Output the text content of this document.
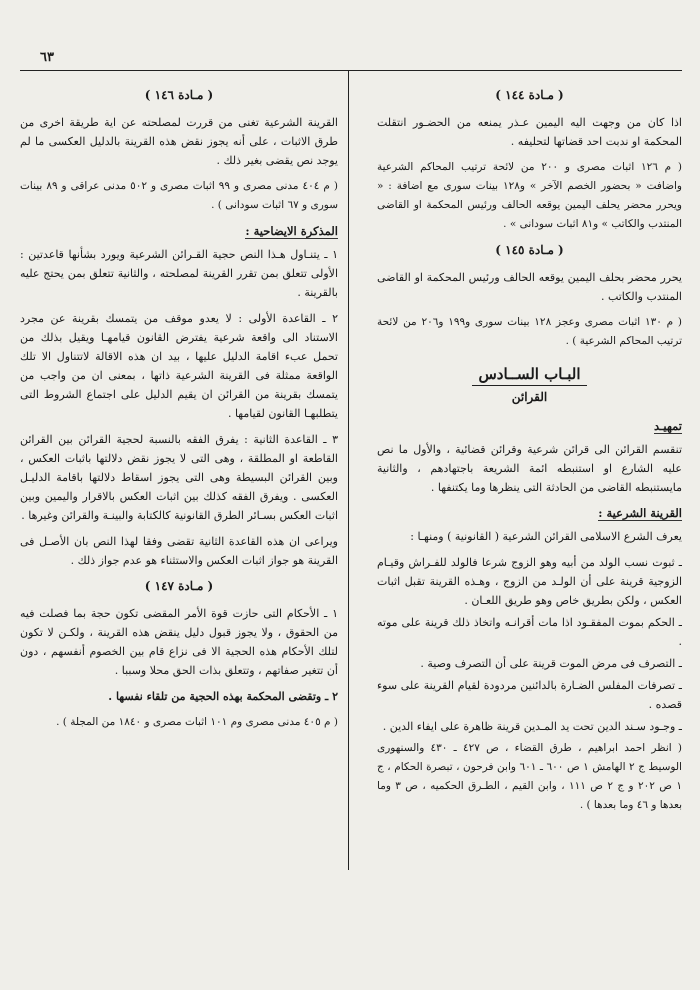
٦٣
( مـادة ١٤٤ )

اذا كان من وجهت اليه اليمين عـذر يمنعه من الحضـور انتقلت المحكمة او ندبت احد قضاتها لتحليفه .

( م ١٢٦ اثبات مصرى و ٢٠٠ من لائحة ترتيب المحاكم الشرعية واضافت « بحضور الخصم الآخر » و١٢٨ بينات سورى مع اضافة : « ويحرر محضر يحلف اليمين يوقعه الحالف ورئيس المحكمة او القاضى المنتدب والكاتب » و٨١ اثبات سودانى » .

( مـادة ١٤٥ )

يحرر محضر بحلف اليمين يوقعه الحالف ورئيس المحكمة او القاضى المنتدب والكاتب .

( م ١٣٠ اثبات مصرى وعجز ١٢٨ بينات سورى و١٩٩ و٢٠٦ من لائحة ترتيب المحاكم الشرعية ) .

البـاب الســادس
القرائن
تمهيـد

تنقسم القرائن الى قرائن شرعية وقرائن قضائية ، والأول ما نص عليه الشارع او استنبطه ائمة الشريعة باجتهادهم ، والثانية مايستنبطه القاضى من الحادثة التى ينظرها وما يكتنفها .

القرينة الشرعية :

يعرف الشرع الاسلامى القرائن الشرعية ( القانونية ) ومنهـا :

ـ ثبوت نسب الولد من أبيه وهو الزوج شرعا فالولد للفـراش وقيـام الزوجية قرينة على أن الولـد من الزوج ، وهـذه القرينة تقبل اثبات العكس ، ولكن بطريق خاص وهو طريق اللعـان .

ـ الحكم بموت المفقـود اذا مات أقرانـه واتخاذ ذلك قرينة على موته .

ـ التصرف فى مرض الموت قرينة على أن التصرف وصية .

ـ تصرفات المفلس الضـارة بالدائنين مردودة لقيام القرينة على سوء قصده .

ـ وجـود سـند الدين تحت يد المـدين قرينة ظاهرة على ايفاء الدين .

( انظر احمد ابراهيم ، طرق القضاء ، ص ٤٢٧ ـ ٤٣٠ والسنهورى الوسيط ج ٢ الهامش ١ ص ٦٠٠ ـ ٦٠١ وابن فرحون ، تبصرة الحكام ، ج ١ ص ٢٠٢ و ج ٢ ص ١١١ ، وابن القيم ، الطـرق الحكميه ، ص ٣ وما بعدها و ٤٦ وما بعدها ) .

( مـادة ١٤٦ )

القرينة الشرعية تغنى من قررت لمصلحته عن اية طريقة اخرى من طرق الاثبات ، على أنه يجوز نقض هذه القرينة بالدليل العكسى ما لم يوجد نص يقضى بغير ذلك .

( م ٤٠٤ مدنى مصرى و ٩٩ اثبات مصرى و ٥٠٢ مدنى عراقى و ٨٩ بينات سورى و ٦٧ اثبات سودانى ) .

المذكرة الايضاحية :

١ ـ يتنـاول هـذا النص حجية القـرائن الشرعية ويورد بشأنها قاعدتين : الأولى تتعلق بمن تقرر القرينة لمصلحته ، والثانية تتعلق بمن يحتج عليه بالقرينة .

٢ ـ القاعدة الأولى : لا يعدو موقف من يتمسك بقرينة عن مجرد الاستناد الى واقعة شرعية يفترض القانون قيامهـا ويقيل بذلك من تحمل عبء اقامة الدليل عليها ، بيد ان هذه الاقالة لاتتناول الا تلك الواقعة ممثلة فى القرينة الشرعية ذاتها ، بمعنى ان من واجب من يتمسك بقرينة من القرائن ان يقيم الدليل على اجتماع الشروط التى يتطلبهـا القانون لقيامها .

٣ ـ القاعدة الثانية : يفرق الفقه بالنسبة لحجية القرائن بين القرائن القاطعة او المطلقة ، وهى التى لا يجوز نقض دلالتها باثبات العكس ، وبين القرائن البسيطة وهى التى يجوز اسقاط دلالتها باقامة الدليـل العكسى . ويفرق الفقه كذلك بين اثبات العكس بالاقرار واليمين وبين اثبات العكس بسـائر الطرق القانونية كالكتابة والبينـة والقرائن وغيرها .

ويراعى ان هذه القاعدة الثانية تقضى وفقا لهذا النص بان الأصـل فى القرينة هو جواز اثبات العكس والاستثناء هو عدم جواز ذلك .

( مـادة ١٤٧ )

١ ـ الأحكام التى حازت قوة الأمر المقضى تكون حجة بما فصلت فيه من الحقوق ، ولا يجوز قبول دليل ينقض هذه القرينة ، ولكـن لا تكون لتلك الأحكام هذه الحجية الا فى نزاع قام بين الخصوم أنفسهم ، دون أن تتغير صفاتهم ، وتتعلق بذات الحق محلا وسببا .

٢ ـ وتقضى المحكمة بهذه الحجية من تلقاء نفسها .

( م ٤٠٥ مدنى مصرى وم ١٠١ اثبات مصرى و ١٨٤٠ من المجلة ) .
